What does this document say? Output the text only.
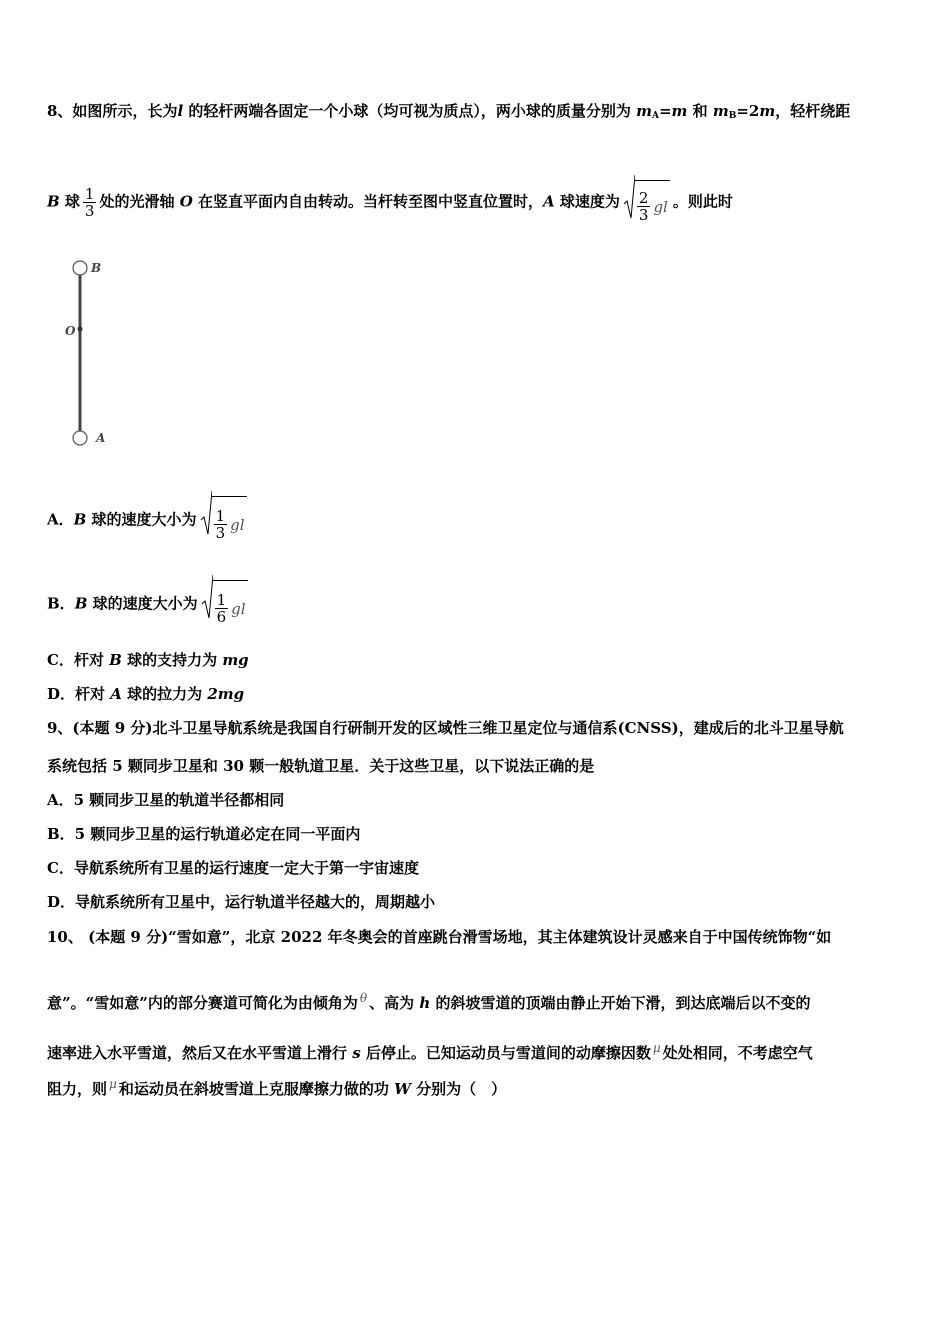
8、如图所示，长为l 的轻杆两端各固定一个小球（均可视为质点），两小球的质量分别为 $m_A=m$ 和 $m_B=2m$，轻杆绕距
B 球 $\frac{1}{3}$ 处的光滑轴 O 在竖直平面内自由转动。当杆转至图中竖直位置时，A 球速度为 $\frac{2}{3}$ gl 。则此时
B
O
A
A．B 球的速度大小为 $\frac{1}{3}$ gl
B．B 球的速度大小为 $\frac{1}{6}$ gl
C．杆对 B 球的支持力为 mg
D．杆对 A 球的拉力为 2mg
9、(本题 9 分)北斗卫星导航系统是我国自行研制开发的区域性三维卫星定位与通信系(CNSS)，建成后的北斗卫星导航
系统包括 5 颗同步卫星和 30 颗一般轨道卫星．关于这些卫星，以下说法正确的是
A．5 颗同步卫星的轨道半径都相同
B．5 颗同步卫星的运行轨道必定在同一平面内
C．导航系统所有卫星的运行速度一定大于第一宇宙速度
D．导航系统所有卫星中，运行轨道半径越大的，周期越小
10、 (本题 9 分)“雪如意”，北京 2022 年冬奥会的首座跳台滑雪场地，其主体建筑设计灵感来自于中国传统饰物“如
意”。“雪如意”内的部分赛道可简化为由倾角为 $^\theta$ 、高为 h 的斜坡雪道的顶端由静止开始下滑，到达底端后以不变的
速率进入水平雪道，然后又在水平雪道上滑行 s 后停止。已知运动员与雪道间的动摩擦因数 $^\mu$ 处处相同，不考虑空气
阻力，则 $^\mu$ 和运动员在斜坡雪道上克服摩擦力做的功 W 分别为（　）
